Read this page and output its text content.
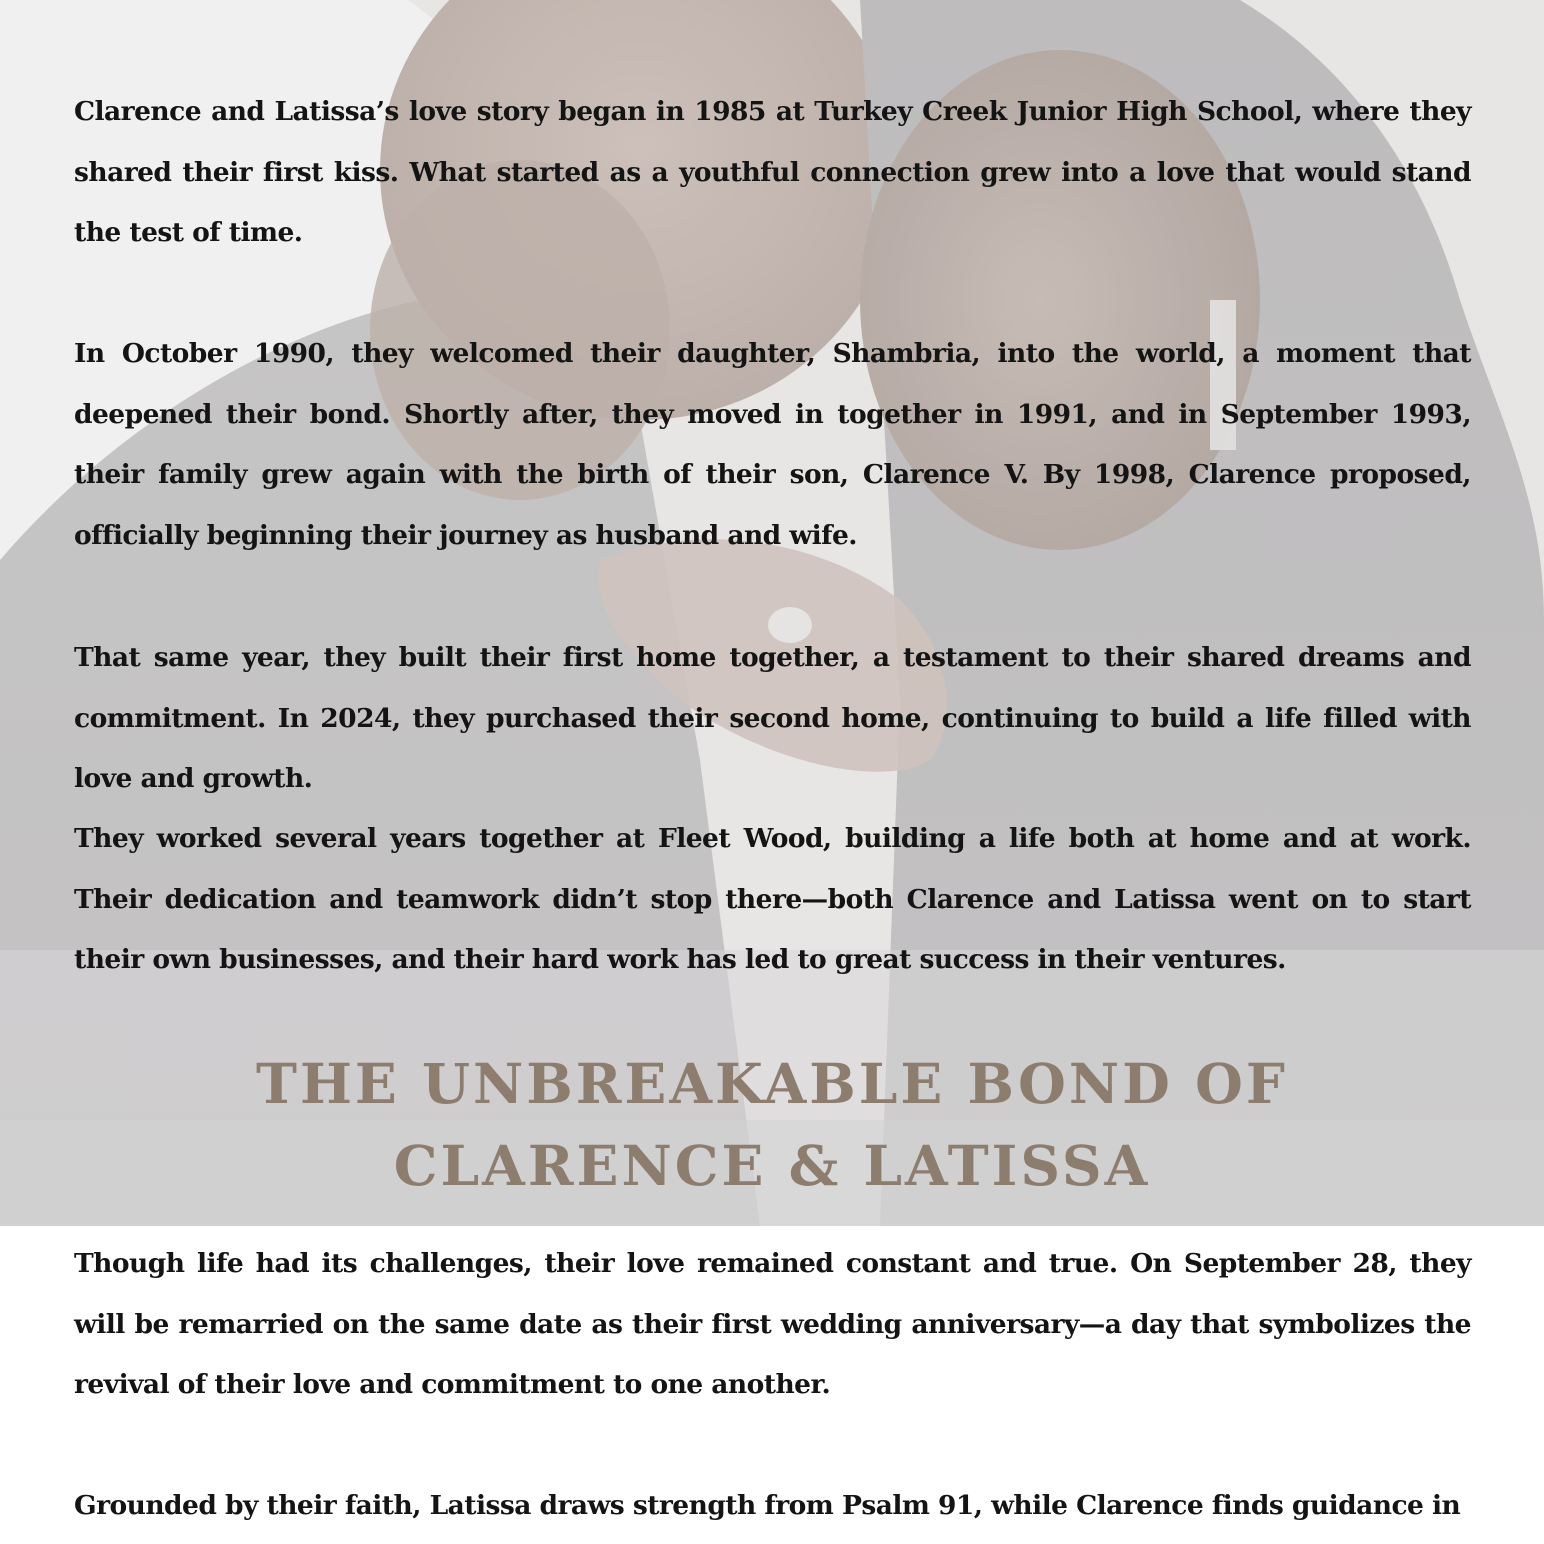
Clarence and Latissa’s love story began in 1985 at Turkey Creek Junior High School, where they shared their first kiss. What started as a youthful connection grew into a love that would stand the test of time.

In October 1990, they welcomed their daughter, Shambria, into the world, a moment that deepened their bond. Shortly after, they moved in together in 1991, and in September 1993, their family grew again with the birth of their son, Clarence V. By 1998, Clarence proposed, officially beginning their journey as husband and wife.

That same year, they built their first home together, a testament to their shared dreams and commitment. In 2024, they purchased their second home, continuing to build a life filled with love and growth.

They worked several years together at Fleet Wood, building a life both at home and at work. Their dedication and teamwork didn’t stop there—both Clarence and Latissa went on to start their own businesses, and their hard work has led to great success in their ventures.

THE UNBREAKABLE BOND OF
CLARENCE & LATISSA

Though life had its challenges, their love remained constant and true. On September 28, they will be remarried on the same date as their first wedding anniversary—a day that symbolizes the revival of their love and commitment to one another.

Grounded by their faith, Latissa draws strength from Psalm 91, while Clarence finds guidance in
